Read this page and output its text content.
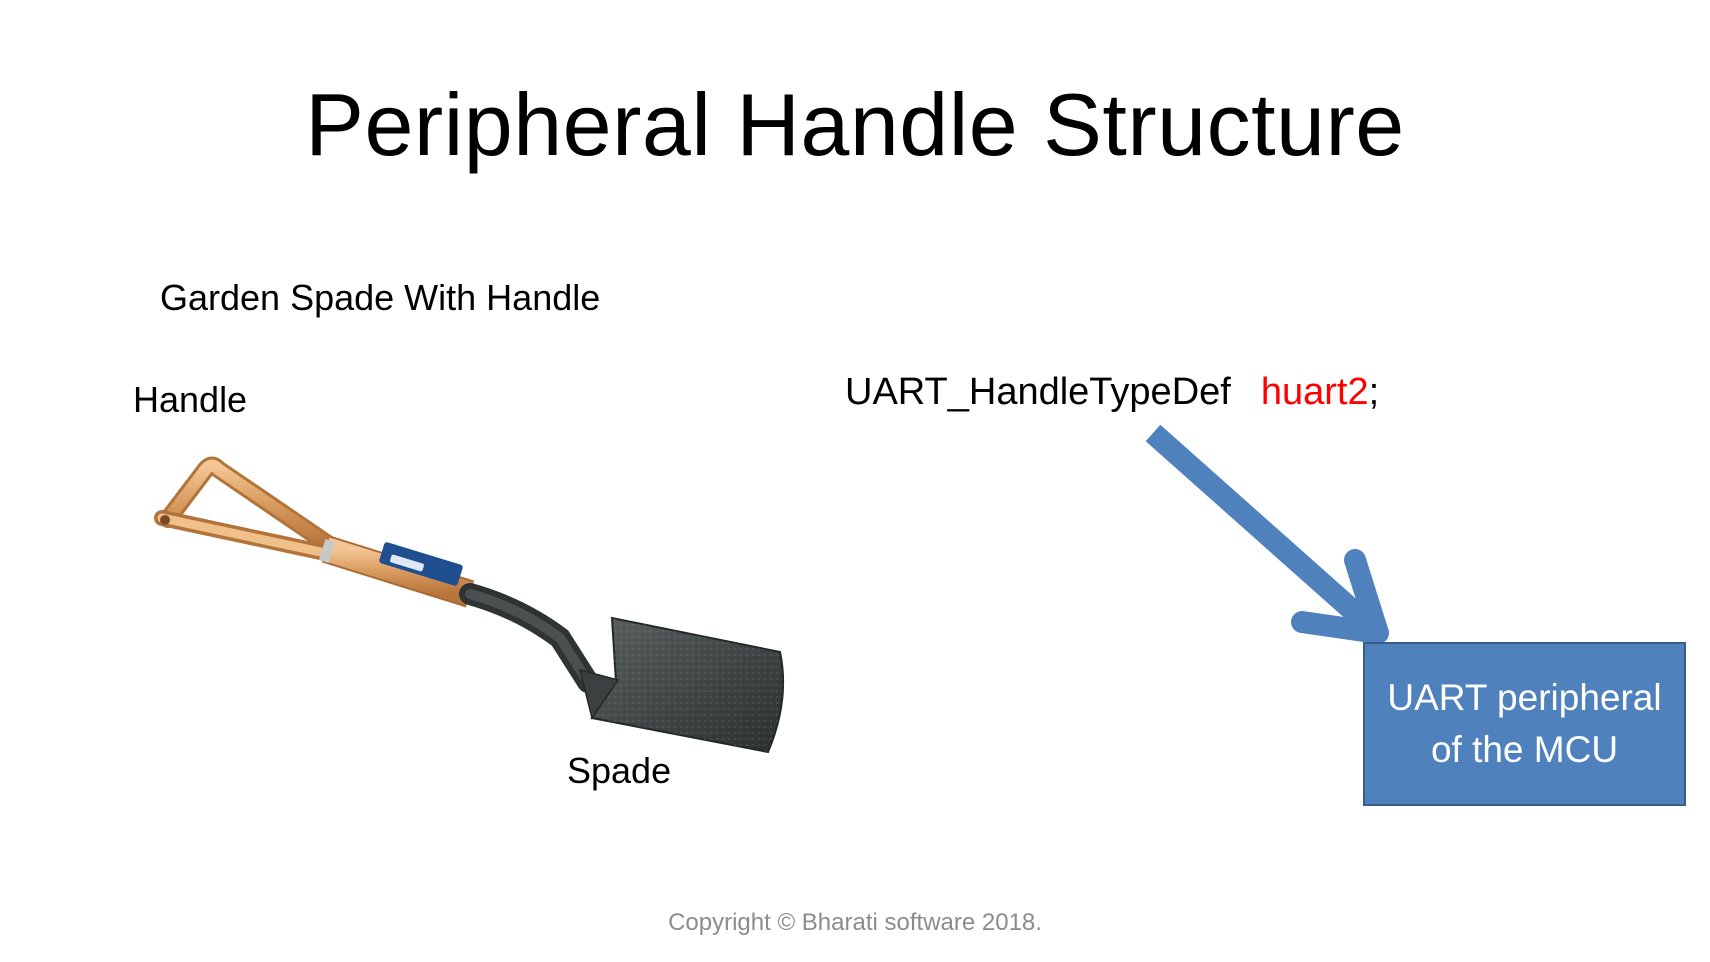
Peripheral Handle Structure
Garden Spade With Handle
Handle
Spade
UART_HandleTypeDef huart2;
UART peripheral
of the MCU
Copyright © Bharati software 2018.
